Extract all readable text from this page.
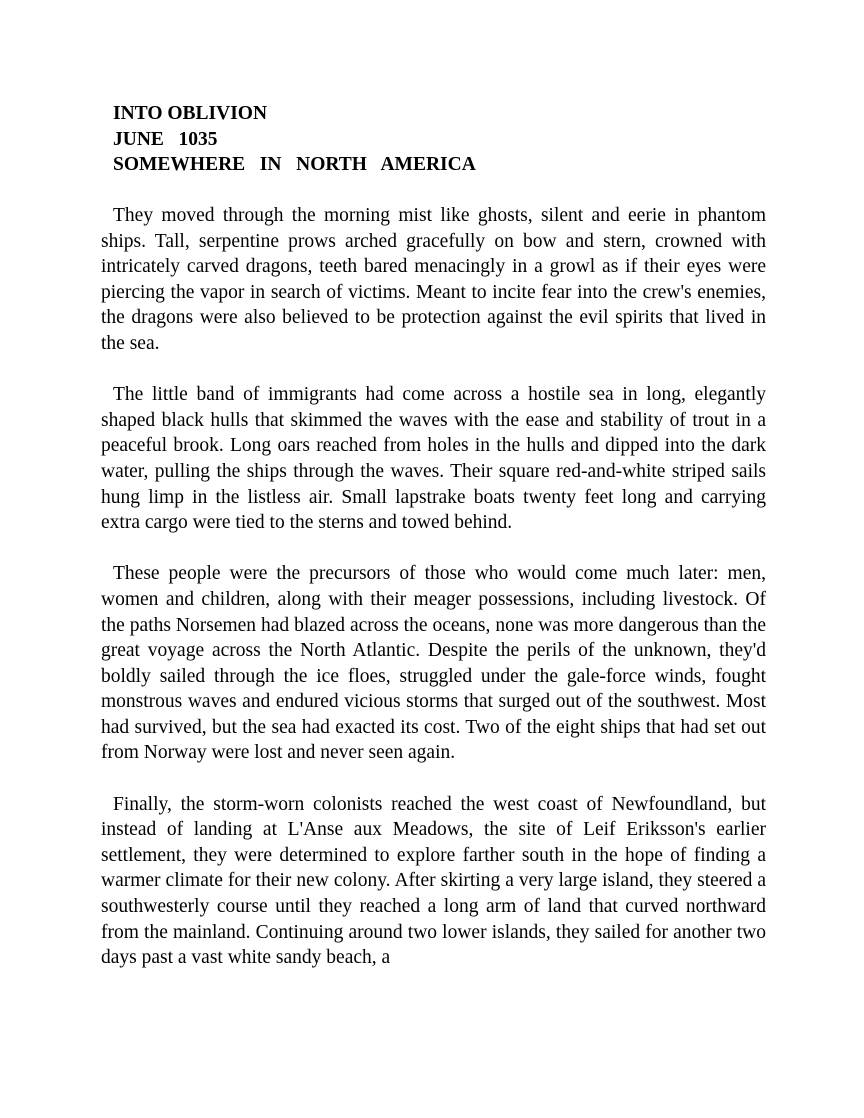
INTO OBLIVION
JUNE   1035
SOMEWHERE   IN   NORTH   AMERICA

They moved through the morning mist like ghosts, silent and eerie in phantom ships. Tall, serpentine prows arched gracefully on bow and stern, crowned with intricately carved dragons, teeth bared menacingly in a growl as if their eyes were piercing the vapor in search of victims. Meant to incite fear into the crew's enemies, the dragons were also believed to be protection against the evil spirits that lived in the sea.

The little band of immigrants had come across a hostile sea in long, elegantly shaped black hulls that skimmed the waves with the ease and stability of trout in a peaceful brook. Long oars reached from holes in the hulls and dipped into the dark water, pulling the ships through the waves. Their square red-and-white striped sails hung limp in the listless air. Small lapstrake boats twenty feet long and carrying extra cargo were tied to the sterns and towed behind.

These people were the precursors of those who would come much later: men, women and children, along with their meager possessions, including livestock. Of the paths Norsemen had blazed across the oceans, none was more dangerous than the great voyage across the North Atlantic. Despite the perils of the unknown, they'd boldly sailed through the ice floes, struggled under the gale-force winds, fought monstrous waves and endured vicious storms that surged out of the southwest. Most had survived, but the sea had exacted its cost. Two of the eight ships that had set out from Norway were lost and never seen again.

Finally, the storm-worn colonists reached the west coast of Newfoundland, but instead of landing at L'Anse aux Meadows, the site of Leif Eriksson's earlier settlement, they were determined to explore farther south in the hope of finding a warmer climate for their new colony. After skirting a very large island, they steered a southwesterly course until they reached a long arm of land that curved northward from the mainland. Continuing around two lower islands, they sailed for another two days past a vast white sandy beach, a
